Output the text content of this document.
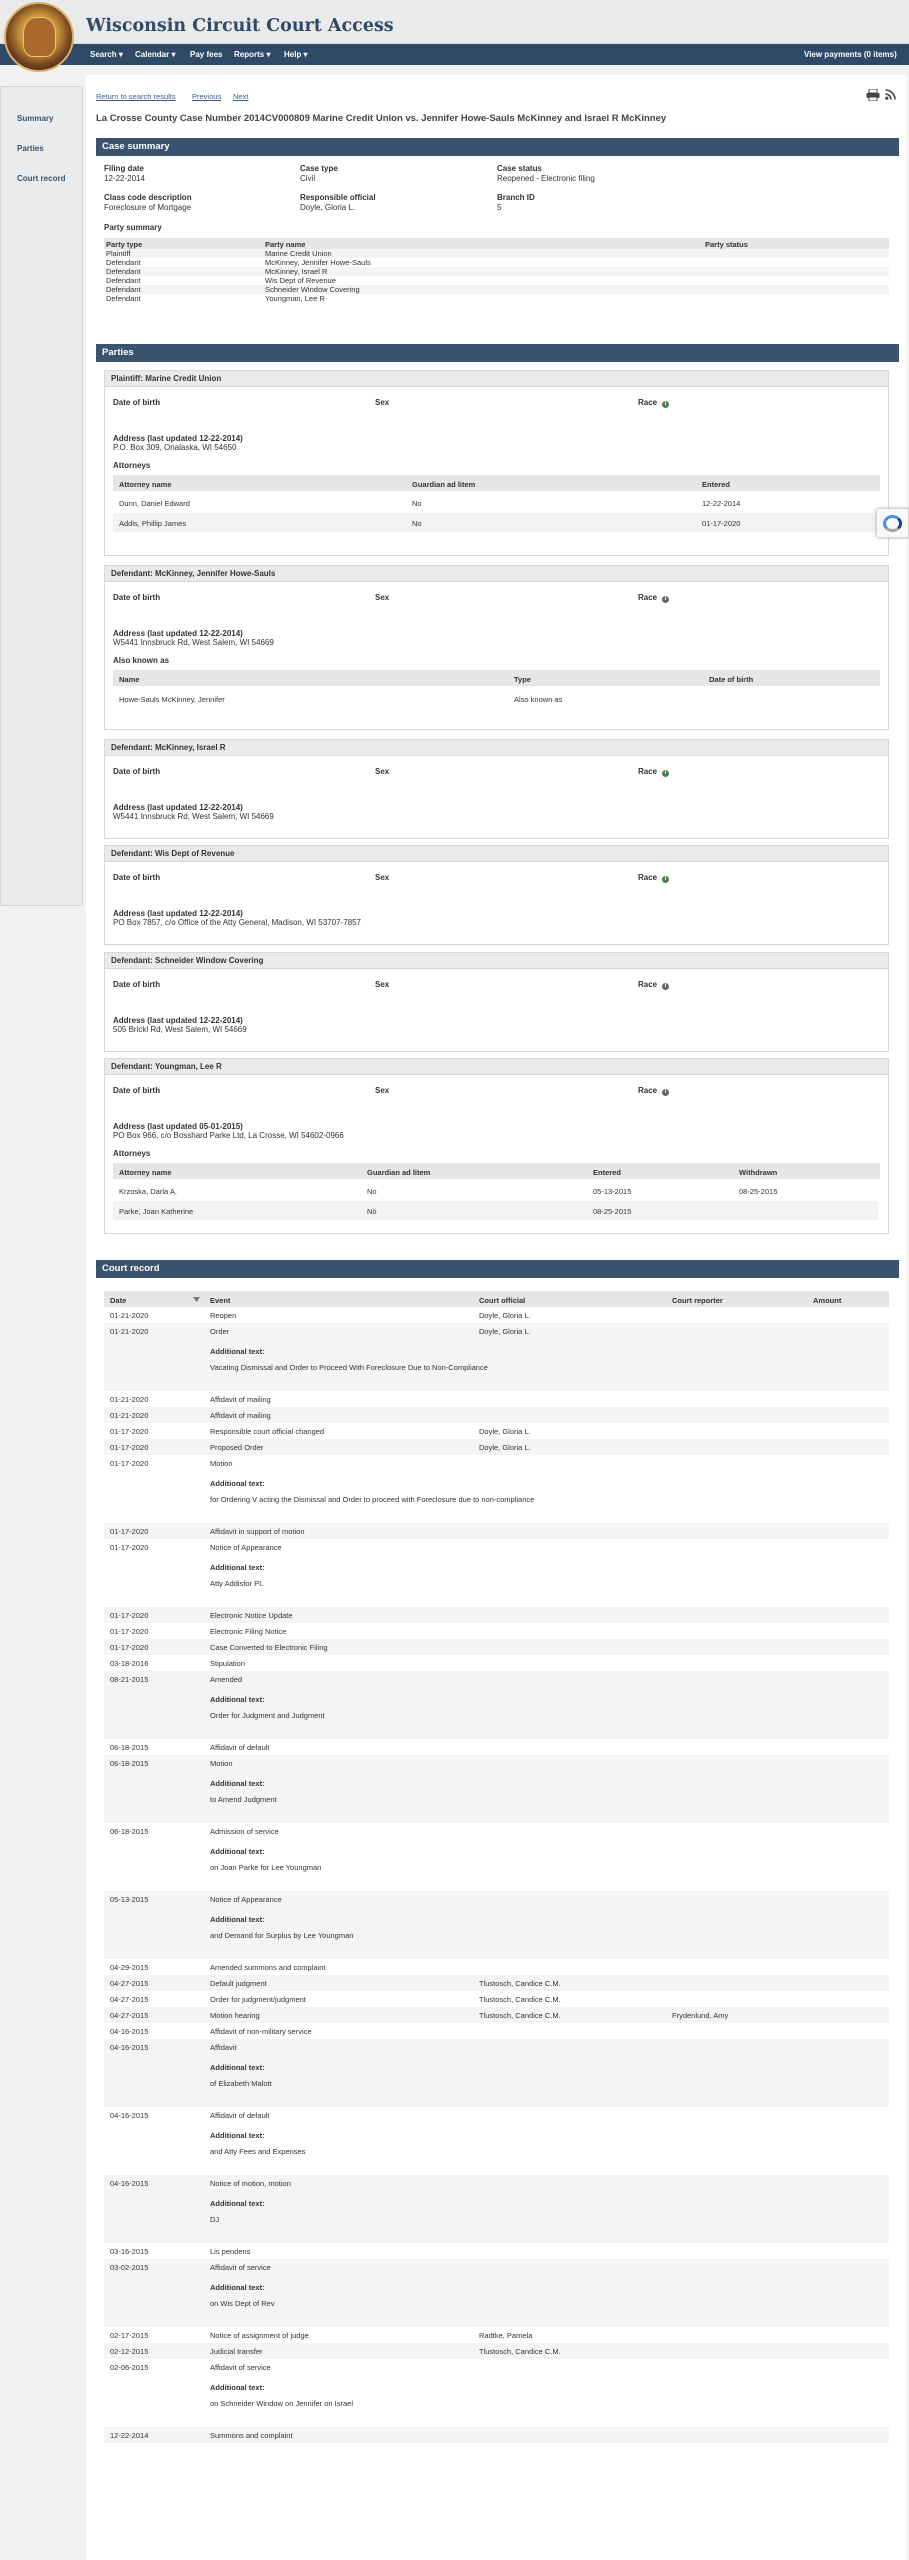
Wisconsin Circuit Court Access
Search ▾ Calendar ▾ Pay fees Reports ▾ Help ▾	View payments (0 items)
Summary
Parties
Court record
Return to search results Previous Next
La Crosse County Case Number 2014CV000809 Marine Credit Union vs. Jennifer Howe-Sauls McKinney and Israel R McKinney
Case summary
Filing date
12-22-2014
Case type
Civil
Case status
Reopened - Electronic filing
Class code description
Foreclosure of Mortgage
Responsible official
Doyle, Gloria L.
Branch ID
5
Party summary
Party type	Party name	Party status
Plaintiff	Marine Credit Union
Defendant	McKinney, Jennifer Howe-Sauls
Defendant	McKinney, Israel R
Defendant	Wis Dept of Revenue
Defendant	Schneider Window Covering
Defendant	Youngman, Lee R
Parties
Plaintiff: Marine Credit Union
Date of birth	Sex	Race i
Address (last updated 12-22-2014)
P.O. Box 309, Onalaska, WI 54650
Attorneys
Attorney name	Guardian ad litem	Entered
Dunn, Daniel Edward	No	12-22-2014
Addis, Phillip James	No	01-17-2020
Defendant: McKinney, Jennifer Howe-Sauls
Date of birth	Sex	Race i
Address (last updated 12-22-2014)
W5441 Innsbruck Rd, West Salem, WI 54669
Also known as
Name	Type	Date of birth
Howe-Sauls McKinney, Jennifer	Also known as
Defendant: McKinney, Israel R
Date of birth	Sex	Race i
Address (last updated 12-22-2014)
W5441 Innsbruck Rd, West Salem, WI 54669
Defendant: Wis Dept of Revenue
Date of birth	Sex	Race i
Address (last updated 12-22-2014)
PO Box 7857, c/o Office of the Atty General, Madison, WI 53707-7857
Defendant: Schneider Window Covering
Date of birth	Sex	Race i
Address (last updated 12-22-2014)
505 Brickl Rd, West Salem, WI 54669
Defendant: Youngman, Lee R
Date of birth	Sex	Race i
Address (last updated 05-01-2015)
PO Box 966, c/o Bosshard Parke Ltd, La Crosse, WI 54602-0966
Attorneys
Attorney name	Guardian ad litem	Entered	Withdrawn
Krzoska, Darla A.	No	05-13-2015	08-25-2015
Parke, Joan Katherine	No	08-25-2015
Court record
Date	Event	Court official	Court reporter	Amount
01-21-2020	Reopen	Doyle, Gloria L.
01-21-2020	Order	Doyle, Gloria L.
Additional text:
Vacating Dismissal and Order to Proceed With Foreclosure Due to Non-Compliance
01-21-2020	Affidavit of mailing
01-21-2020	Affidavit of mailing
01-17-2020	Responsible court official changed	Doyle, Gloria L.
01-17-2020	Proposed Order	Doyle, Gloria L.
01-17-2020	Motion
Additional text:
for Ordering V acting the Dismissal and Order to proceed with Foreclosure due to non-compliance
01-17-2020	Affidavit in support of motion
01-17-2020	Notice of Appearance
Additional text:
Atty Addisfor PL
01-17-2020	Electronic Notice Update
01-17-2020	Electronic Filing Notice
01-17-2020	Case Converted to Electronic Filing
03-18-2016	Stipulation
08-21-2015	Amended
Additional text:
Order for Judgment and Judgment
06-18-2015	Affidavit of default
06-18-2015	Motion
Additional text:
to Amend Judgment
06-18-2015	Admission of service
Additional text:
on Joan Parke for Lee Youngman
05-13-2015	Notice of Appearance
Additional text:
and Demand for Surplus by Lee Youngman
04-29-2015	Amended summons and complaint
04-27-2015	Default judgment	Tlustosch, Candice C.M.
04-27-2015	Order for judgment/judgment	Tlustosch, Candice C.M.
04-27-2015	Motion hearing	Tlustosch, Candice C.M.	Frydenlund, Amy
04-16-2015	Affidavit of non-military service
04-16-2015	Affidavit
Additional text:
of Elizabeth Malott
04-16-2015	Affidavit of default
Additional text:
and Atty Fees and Expenses
04-16-2015	Notice of motion, motion
Additional text:
DJ
03-16-2015	Lis pendens
03-02-2015	Affidavit of service
Additional text:
on Wis Dept of Rev
02-17-2015	Notice of assignment of judge	Radtke, Pamela
02-12-2015	Judicial transfer	Tlustosch, Candice C.M.
02-06-2015	Affidavit of service
Additional text:
on Schneider Window on Jennifer on Israel
12-22-2014	Summons and complaint
